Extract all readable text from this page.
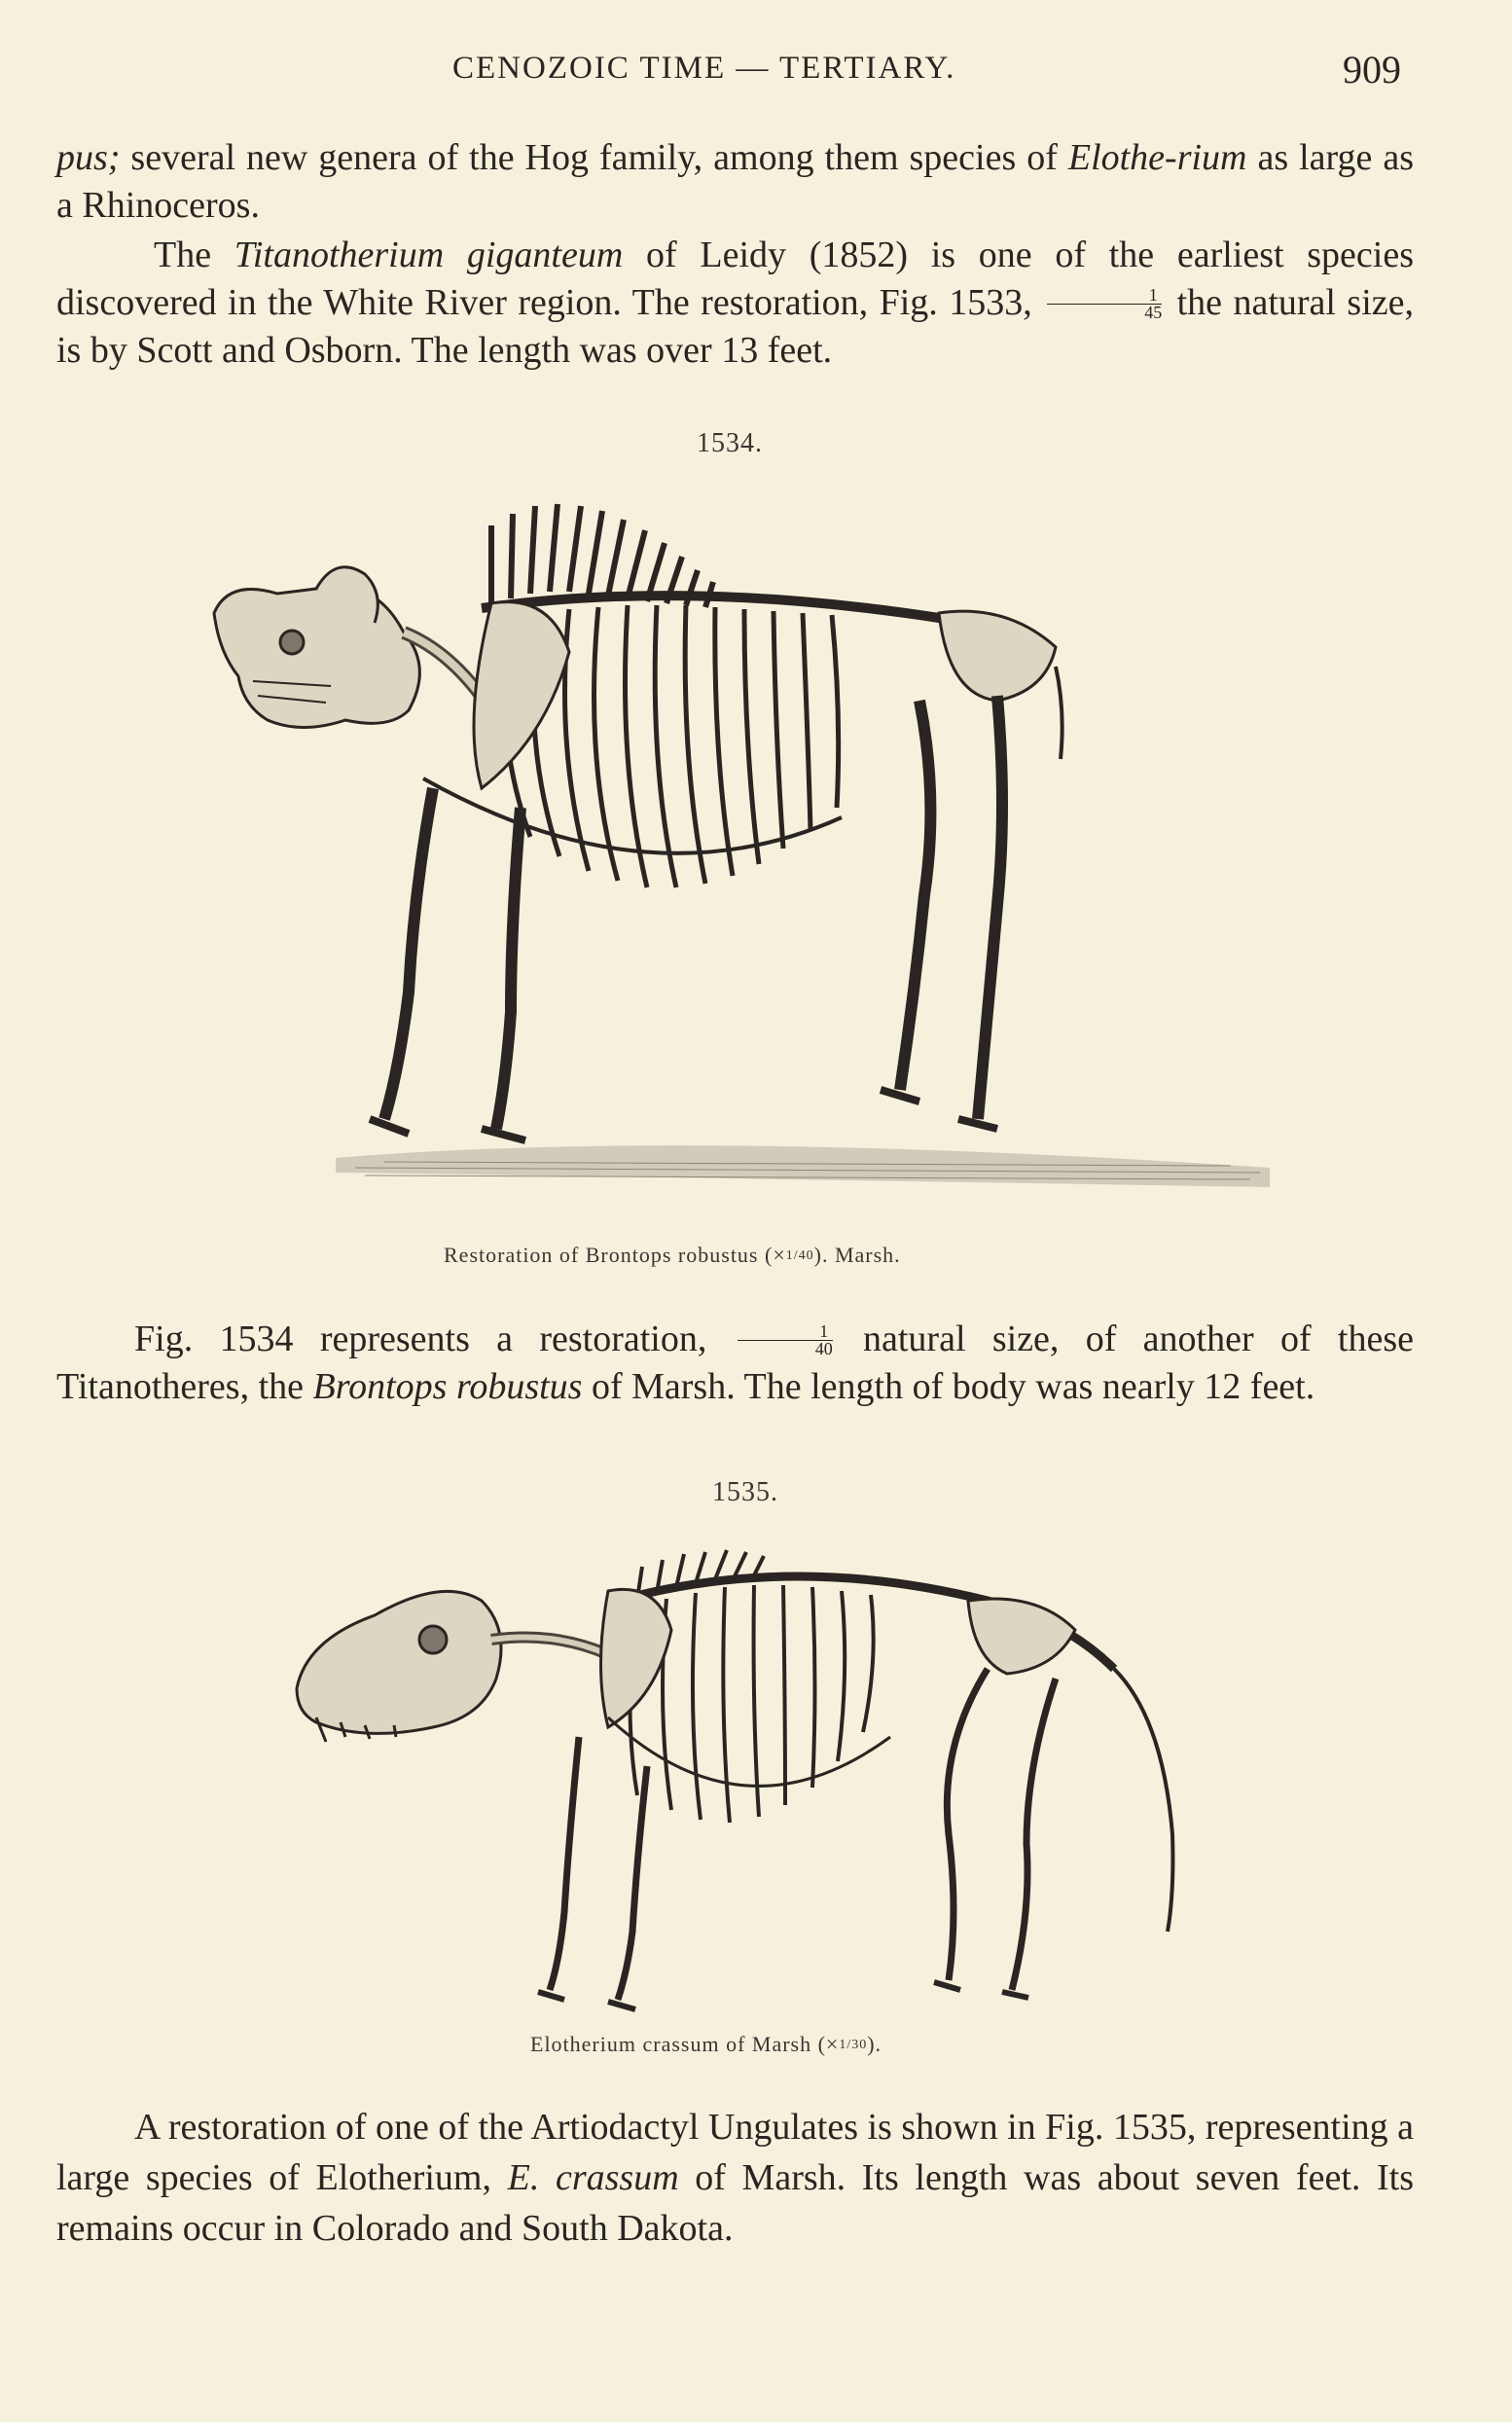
CENOZOIC TIME — TERTIARY.	909

pus; several new genera of the Hog family, among them species of Elothe-rium as large as a Rhinoceros.

The Titanotherium giganteum of Leidy (1852) is one of the earliest species discovered in the White River region. The restoration, Fig. 1533, $\frac{1}{45}$ the natural size, is by Scott and Osborn. The length was over 13 feet.

1534.
Restoration of Brontops robustus (×1/40). Marsh.

Fig. 1534 represents a restoration, $\frac{1}{40}$ natural size, of another of these Titanotheres, the Brontops robustus of Marsh. The length of body was nearly 12 feet.

1535.
Elotherium crassum of Marsh (×1/30).

A restoration of one of the Artiodactyl Ungulates is shown in Fig. 1535, representing a large species of Elotherium, E. crassum of Marsh. Its length was about seven feet. Its remains occur in Colorado and South Dakota.
